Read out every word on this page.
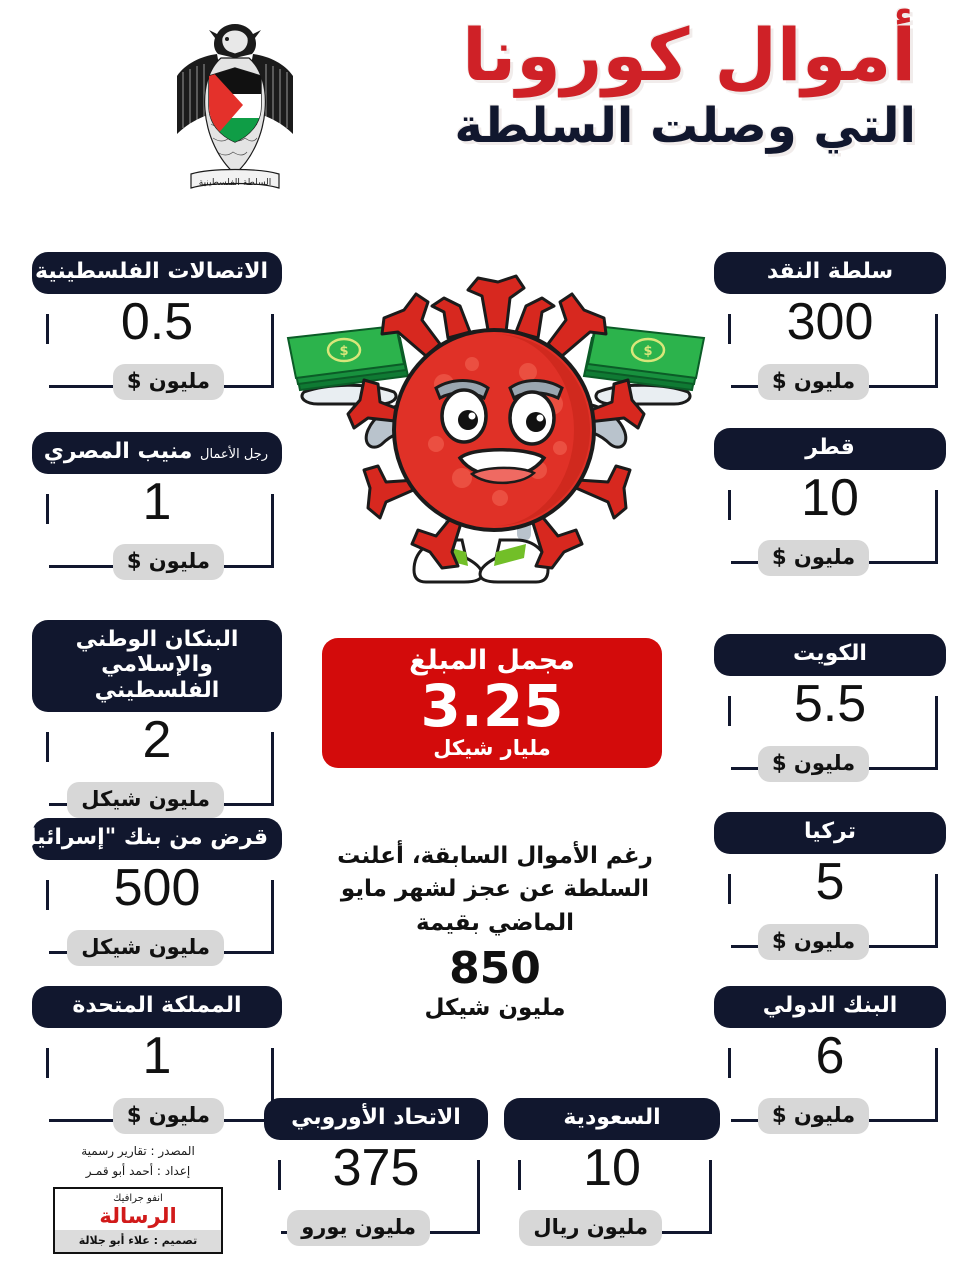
السلطة الفلسطينية
أموال كورونا
التي وصلت السلطة
$	$
الاتصالات الفلسطينية
0.5
مليون $
رجل الأعمال منيب المصري
1
مليون $
البنكان الوطني والإسلامي الفلسطيني
2
مليون شيكل
قرض من بنك "إسرائيل"
500
مليون شيكل
المملكة المتحدة
1
مليون $
سلطة النقد
300
مليون $
قطر
10
مليون $
الكويت
5.5
مليون $
تركيا
5
مليون $
البنك الدولي
6
مليون $
الاتحاد الأوروبي
375
مليون يورو
السعودية
10
مليون ريال
مجمل المبلغ
3.25
مليار شيكل
رغم الأموال السابقة، أعلنت السلطة عن عجز لشهر مايو الماضي بقيمة
850
مليون شيكل
المصدر : تقارير رسمية
إعداد : أحمد أبو قمـر
انفو جرافيك
الرسالة
تصميم : علاء أبو جلالة
